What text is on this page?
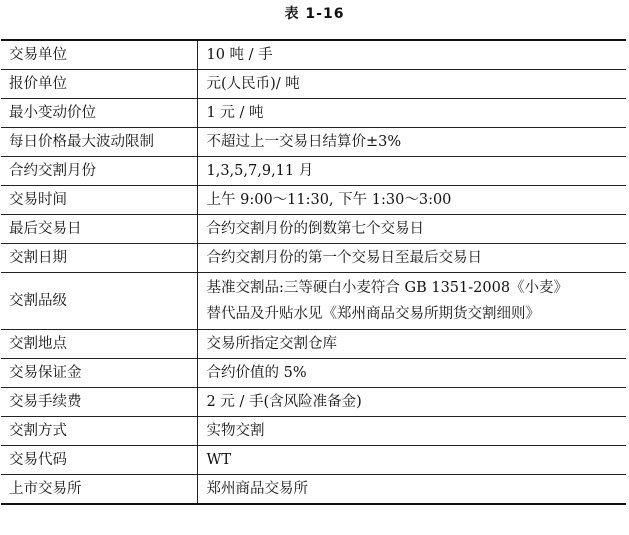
表 1-16
交易单位	10 吨 / 手
报价单位	元(人民币)/ 吨
最小变动价位	1 元 / 吨
每日价格最大波动限制	不超过上一交易日结算价±3%
合约交割月份	1,3,5,7,9,11 月
交易时间	上午 9:00～11:30, 下午 1:30～3:00
最后交易日	合约交割月份的倒数第七个交易日
交割日期	合约交割月份的第一个交易日至最后交易日
交割品级	基准交割品:三等硬白小麦符合 GB 1351-2008《小麦》
替代品及升贴水见《郑州商品交易所期货交割细则》

交割地点	交易所指定交割仓库
交易保证金	合约价值的 5%
交易手续费	2 元 / 手(含风险准备金)
交割方式	实物交割
交易代码	WT
上市交易所	郑州商品交易所
